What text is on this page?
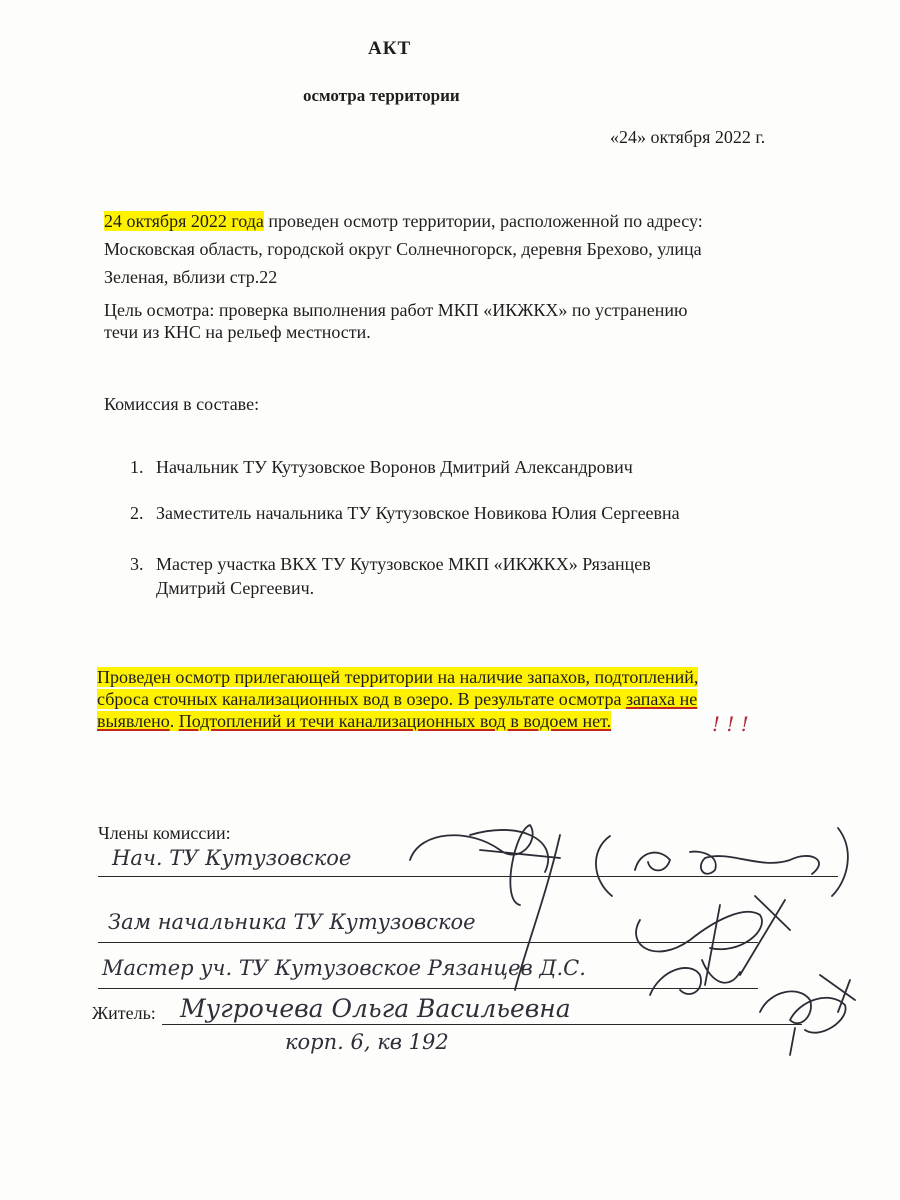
АКТ
осмотра территории
«24» октября 2022 г.
24 октября 2022 года проведен осмотр территории, расположенной по адресу:
Московская область, городской округ Солнечногорск, деревня Брехово, улица
Зеленая, вблизи стр.22
Цель осмотра: проверка выполнения работ МКП «ИКЖКХ» по устранению
течи из КНС на рельеф местности.
Комиссия в составе:
1. Начальник ТУ Кутузовское Воронов Дмитрий Александрович
2. Заместитель начальника ТУ Кутузовское Новикова Юлия Сергеевна
3. Мастер участка ВКХ ТУ Кутузовское МКП «ИКЖКХ» Рязанцев
Дмитрий Сергеевич.
Проведен осмотр прилегающей территории на наличие запахов, подтоплений,
сброса сточных канализационных вод в озеро. В результате осмотра запаха не
выявлено. Подтоплений и течи канализационных вод в водоем нет.	! ! !
Члены комиссии:
Нач. ТУ Кутузовское
Зам начальника ТУ Кутузовское
Мастер уч. ТУ Кутузовское Рязанцев Д.С.
Житель: Мугрочева Ольга Васильевна
корп. 6, кв 192
